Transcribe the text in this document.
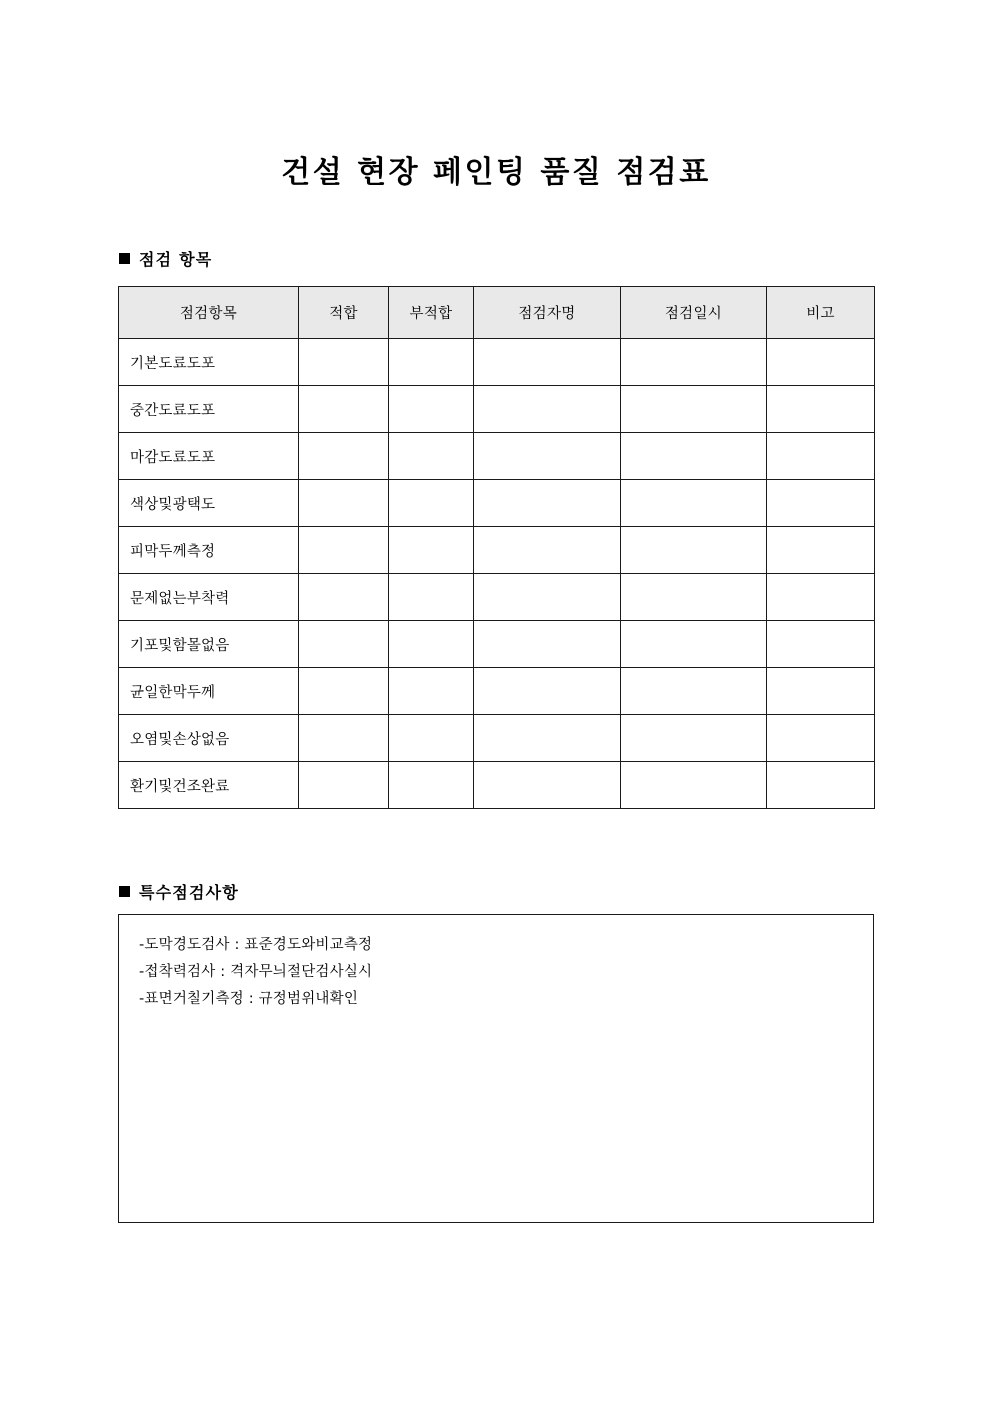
건설 현장 페인팅 품질 점검표
점검 항목
점검항목	적합	부적합	점검자명	점검일시	비고
기본도료도포					
중간도료도포					
마감도료도포					
색상및광택도					
피막두께측정					
문제없는부착력					
기포및함몰없음					
균일한막두께					
오염및손상없음					
환기및건조완료					
특수점검사항
-도막경도검사 : 표준경도와비교측정
-접착력검사 : 격자무늬절단검사실시
-표면거칠기측정 : 규정범위내확인
